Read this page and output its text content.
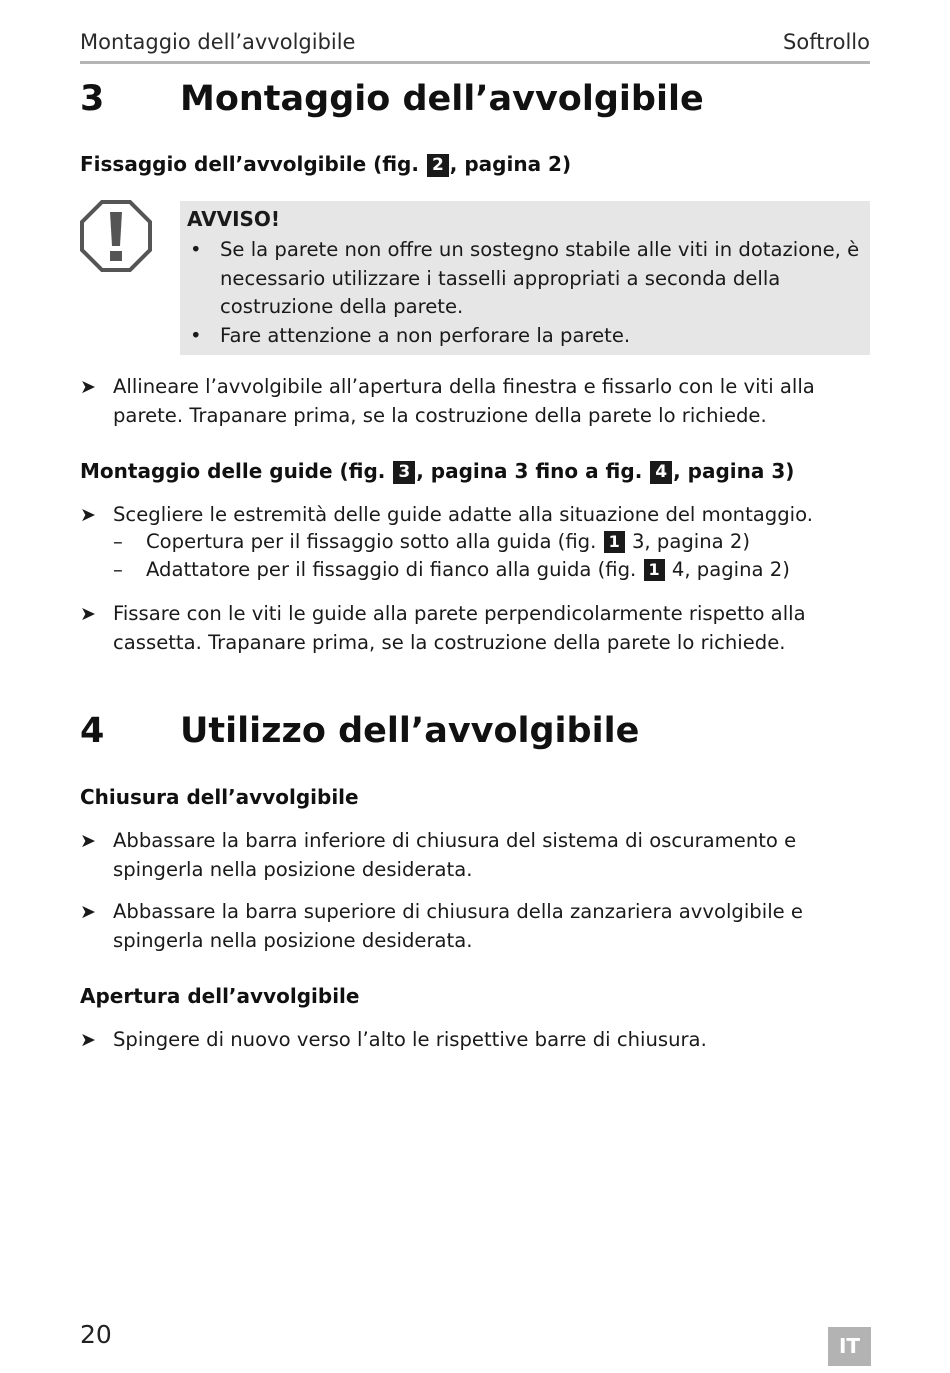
Montaggio dell’avvolgibile	Softrollo
3 Montaggio dell’avvolgibile
Fissaggio dell’avvolgibile (fig. 2 , pagina 2)
AVVISO!
• Se la parete non offre un sostegno stabile alle viti in dotazione, è necessario utilizzare i tasselli appropriati a seconda della costruzione della parete.
• Fare attenzione a non perforare la parete.
➤ Allineare l’avvolgibile all’apertura della finestra e fissarlo con le viti alla parete. Trapanare prima, se la costruzione della parete lo richiede.
Montaggio delle guide (fig. 3 , pagina 3 fino a fig. 4 , pagina 3)
➤ Scegliere le estremità delle guide adatte alla situazione del montaggio.
– Copertura per il fissaggio sotto alla guida (fig. 1 3, pagina 2)
– Adattatore per il fissaggio di fianco alla guida (fig. 1 4, pagina 2)
➤ Fissare con le viti le guide alla parete perpendicolarmente rispetto alla cassetta. Trapanare prima, se la costruzione della parete lo richiede.
4 Utilizzo dell’avvolgibile
Chiusura dell’avvolgibile
➤ Abbassare la barra inferiore di chiusura del sistema di oscuramento e spingerla nella posizione desiderata.
➤ Abbassare la barra superiore di chiusura della zanzariera avvolgibile e spingerla nella posizione desiderata.
Apertura dell’avvolgibile
➤ Spingere di nuovo verso l’alto le rispettive barre di chiusura.
20	IT
